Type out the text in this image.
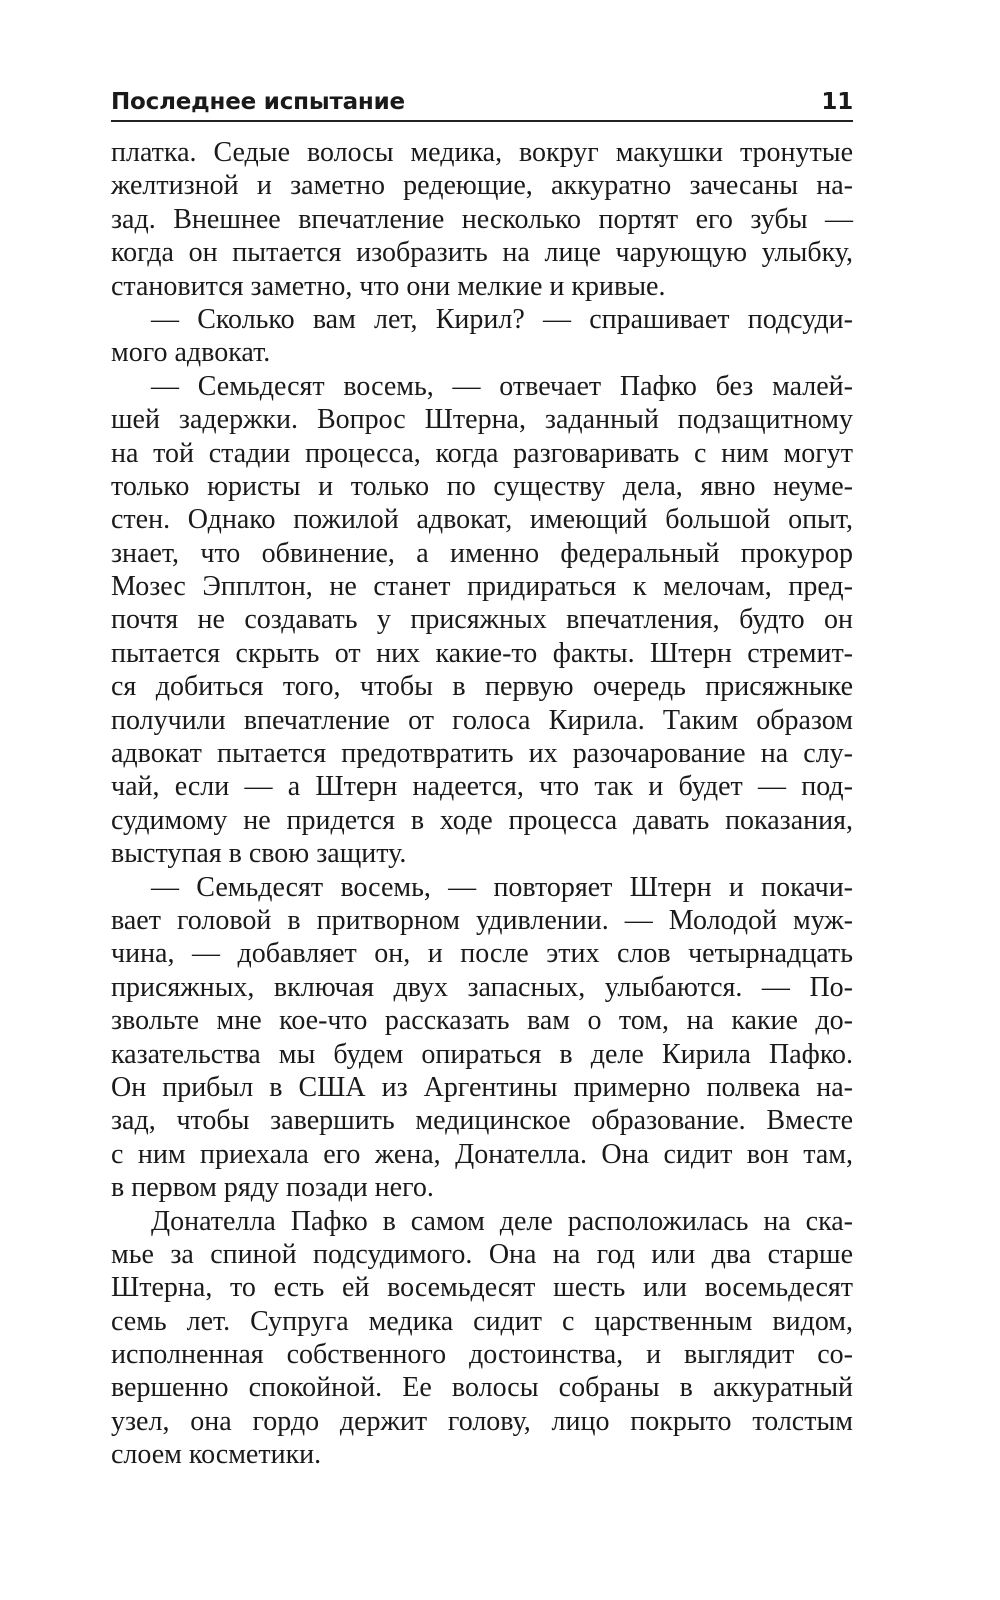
Последнее испытание	11
платка. Седые волосы медика, вокруг макушки тронутые
желтизной и заметно редеющие, аккуратно зачесаны на-
зад. Внешнее впечатление несколько портят его зубы —
когда он пытается изобразить на лице чарующую улыбку,
становится заметно, что они мелкие и кривые.
— Сколько вам лет, Кирил? — спрашивает подсуди-
мого адвокат.
— Семьдесят восемь, — отвечает Пафко без малей-
шей задержки. Вопрос Штерна, заданный подзащитному
на той стадии процесса, когда разговаривать с ним могут
только юристы и только по существу дела, явно неуме-
стен. Однако пожилой адвокат, имеющий большой опыт,
знает, что обвинение, а именно федеральный прокурор
Мозес Эпплтон, не станет придираться к мелочам, пред-
почтя не создавать у присяжных впечатления, будто он
пытается скрыть от них какие-то факты. Штерн стремит-
ся добиться того, чтобы в первую очередь присяжныке
получили впечатление от голоса Кирила. Таким образом
адвокат пытается предотвратить их разочарование на слу-
чай, если — а Штерн надеется, что так и будет — под-
судимому не придется в ходе процесса давать показания,
выступая в свою защиту.
— Семьдесят восемь, — повторяет Штерн и покачи-
вает головой в притворном удивлении. — Молодой муж-
чина, — добавляет он, и после этих слов четырнадцать
присяжных, включая двух запасных, улыбаются. — По-
звольте мне кое-что рассказать вам о том, на какие до-
казательства мы будем опираться в деле Кирила Пафко.
Он прибыл в США из Аргентины примерно полвека на-
зад, чтобы завершить медицинское образование. Вместе
с ним приехала его жена, Донателла. Она сидит вон там,
в первом ряду позади него.
Донателла Пафко в самом деле расположилась на ска-
мье за спиной подсудимого. Она на год или два старше
Штерна, то есть ей восемьдесят шесть или восемьдесят
семь лет. Супруга медика сидит с царственным видом,
исполненная собственного достоинства, и выглядит со-
вершенно спокойной. Ее волосы собраны в аккуратный
узел, она гордо держит голову, лицо покрыто толстым
слоем косметики.
